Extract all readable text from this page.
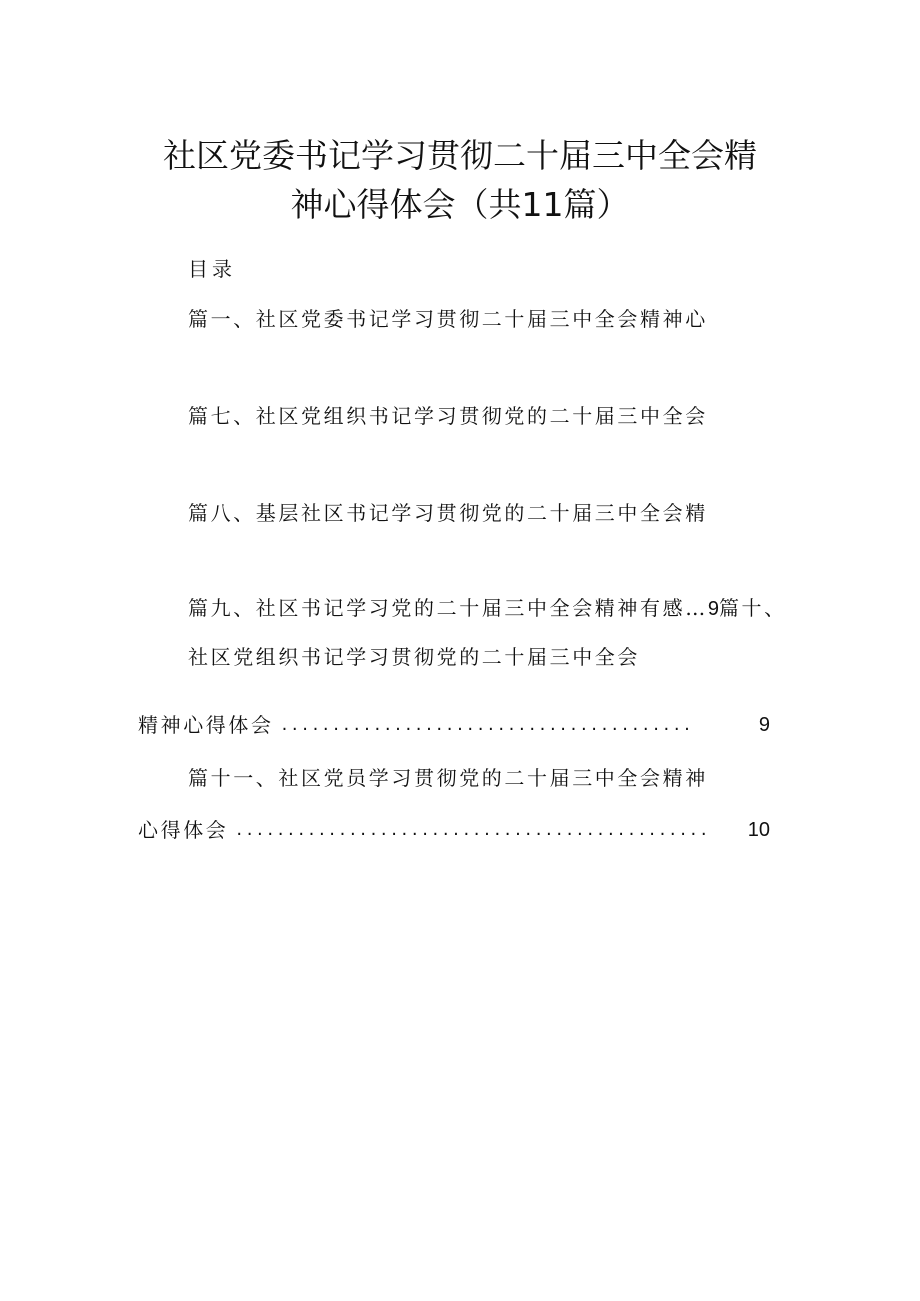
社区党委书记学习贯彻二十届三中全会精
神心得体会（共11篇）
目录
篇一、社区党委书记学习贯彻二十届三中全会精神心
篇七、社区党组织书记学习贯彻党的二十届三中全会
篇八、基层社区书记学习贯彻党的二十届三中全会精
篇九、社区书记学习党的二十届三中全会精神有感…9篇十、
社区党组织书记学习贯彻党的二十届三中全会
精神心得体会 ........................................	9
篇十一、社区党员学习贯彻党的二十届三中全会精神
心得体会 ..............................................	10
